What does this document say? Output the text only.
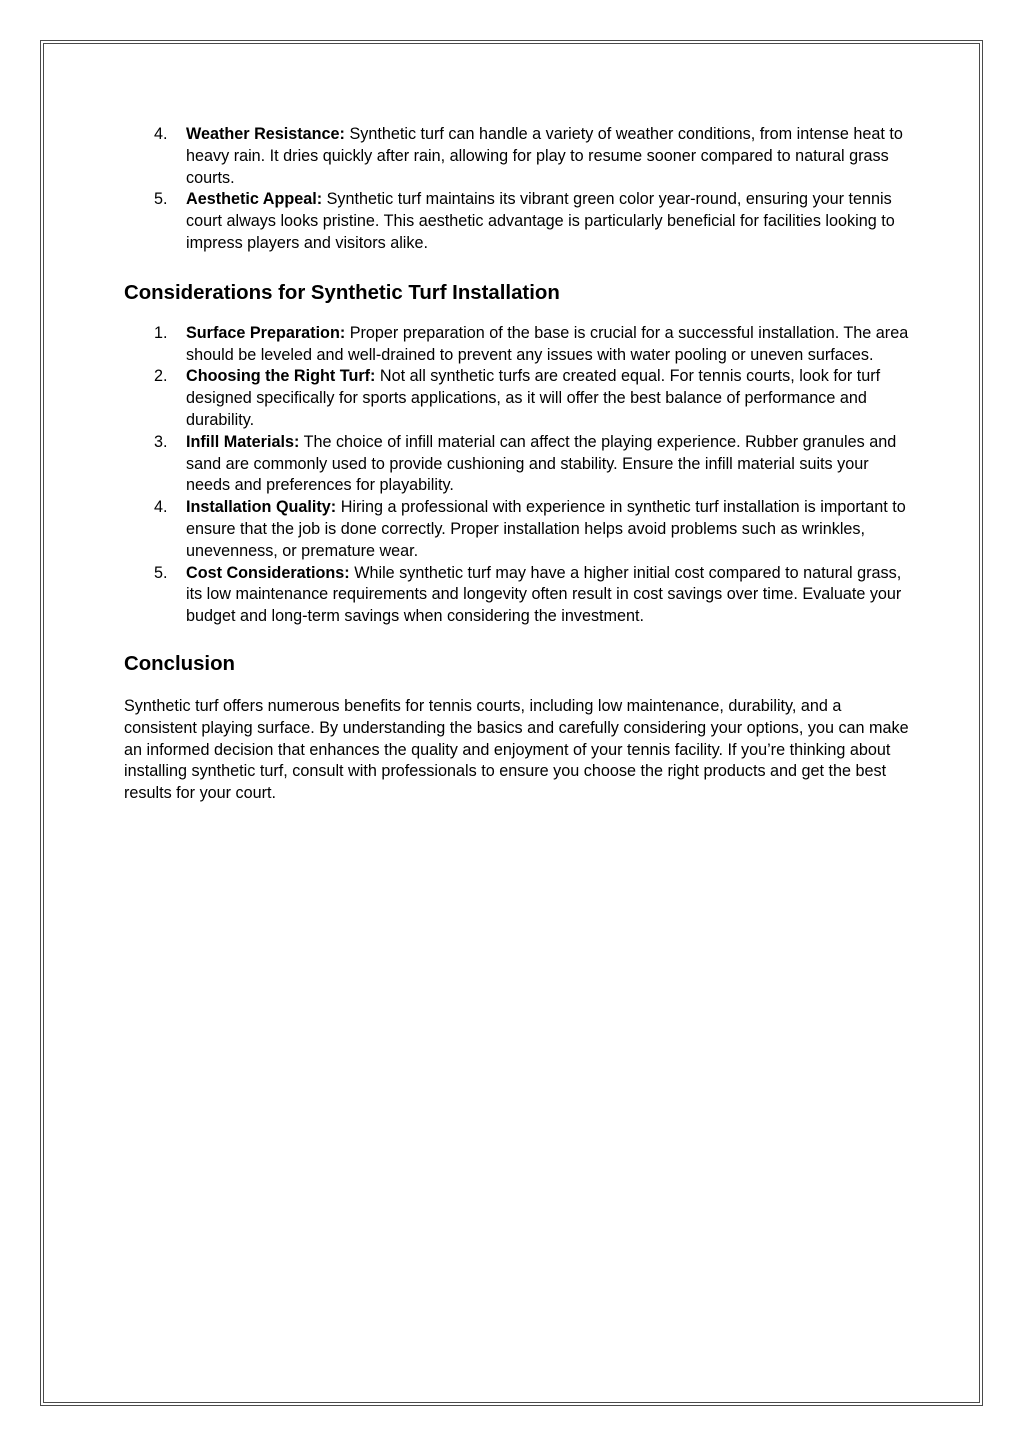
4. Weather Resistance: Synthetic turf can handle a variety of weather conditions, from intense heat to heavy rain. It dries quickly after rain, allowing for play to resume sooner compared to natural grass courts.
5. Aesthetic Appeal: Synthetic turf maintains its vibrant green color year-round, ensuring your tennis court always looks pristine. This aesthetic advantage is particularly beneficial for facilities looking to impress players and visitors alike.
Considerations for Synthetic Turf Installation
1. Surface Preparation: Proper preparation of the base is crucial for a successful installation. The area should be leveled and well-drained to prevent any issues with water pooling or uneven surfaces.
2. Choosing the Right Turf: Not all synthetic turfs are created equal. For tennis courts, look for turf designed specifically for sports applications, as it will offer the best balance of performance and durability.
3. Infill Materials: The choice of infill material can affect the playing experience. Rubber granules and sand are commonly used to provide cushioning and stability. Ensure the infill material suits your needs and preferences for playability.
4. Installation Quality: Hiring a professional with experience in synthetic turf installation is important to ensure that the job is done correctly. Proper installation helps avoid problems such as wrinkles, unevenness, or premature wear.
5. Cost Considerations: While synthetic turf may have a higher initial cost compared to natural grass, its low maintenance requirements and longevity often result in cost savings over time. Evaluate your budget and long-term savings when considering the investment.
Conclusion

Synthetic turf offers numerous benefits for tennis courts, including low maintenance, durability, and a consistent playing surface. By understanding the basics and carefully considering your options, you can make an informed decision that enhances the quality and enjoyment of your tennis facility. If you’re thinking about installing synthetic turf, consult with professionals to ensure you choose the right products and get the best results for your court.
